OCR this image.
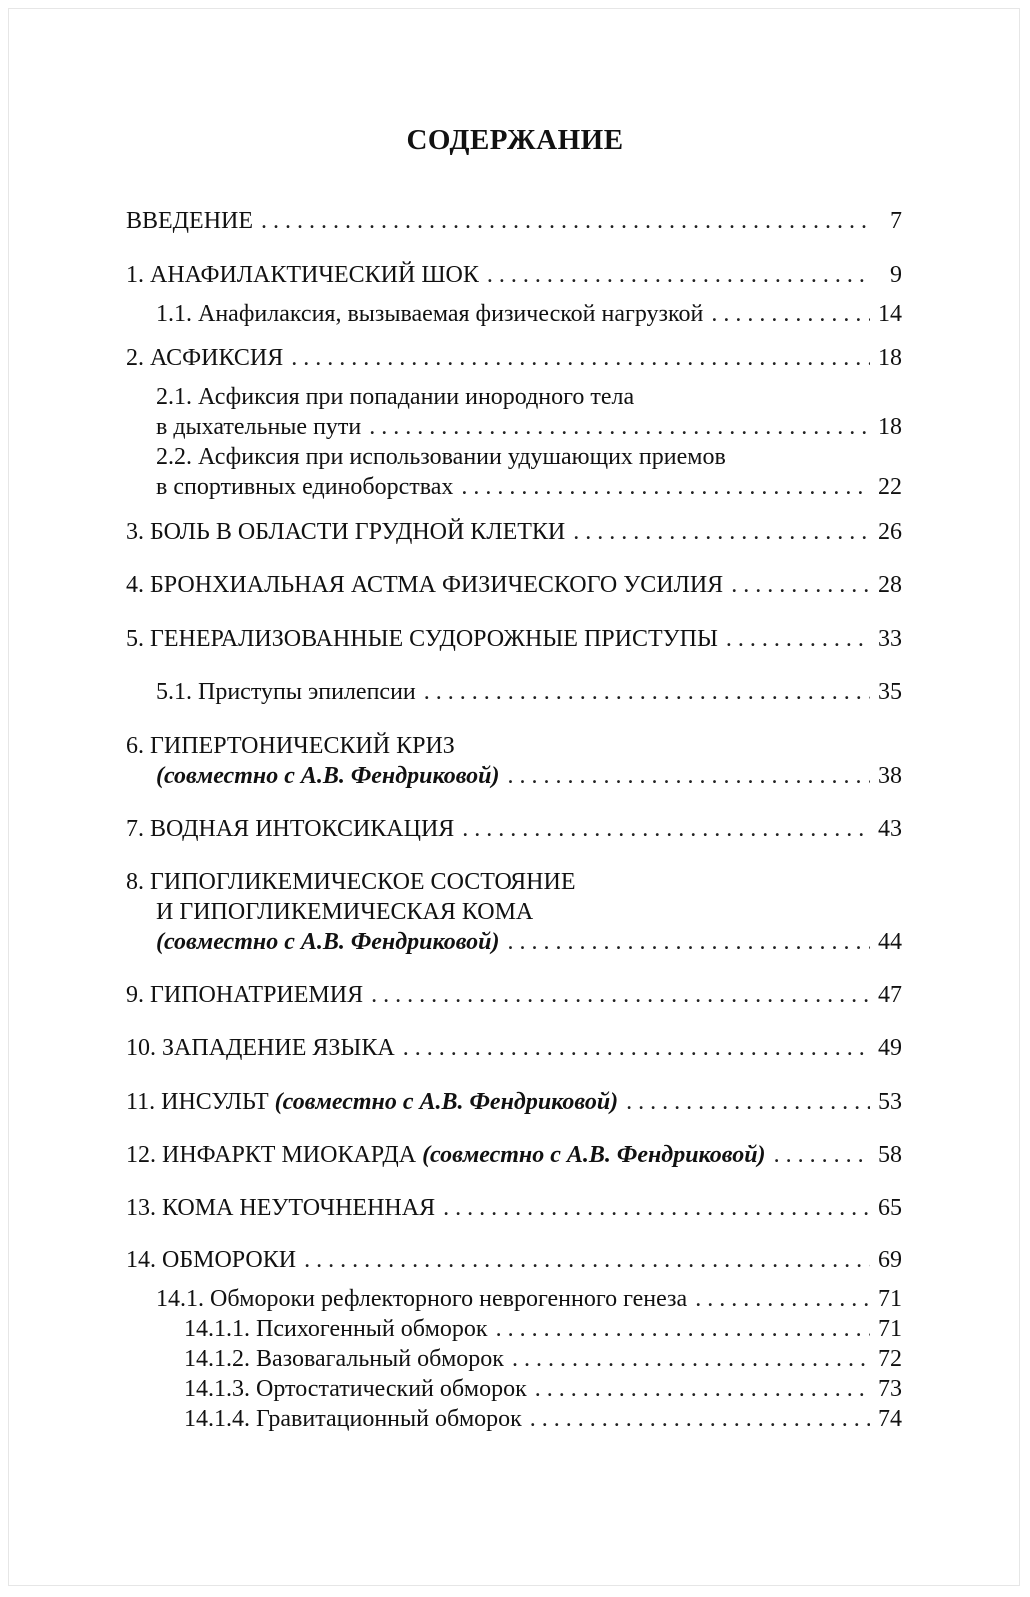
СОДЕРЖАНИЕ
ВВЕДЕНИЕ . . .	7
1. АНАФИЛАКТИЧЕСКИЙ ШОК . . .	9
1.1. Анафилаксия, вызываемая физической нагрузкой . . .	14
2. АСФИКСИЯ . . .	18
2.1. Асфиксия при попадании инородного тела
в дыхательные пути . . .	18
2.2. Асфиксия при использовании удушающих приемов
в спортивных единоборствах . . .	22
3. БОЛЬ В ОБЛАСТИ ГРУДНОЙ КЛЕТКИ . . .	26
4. БРОНХИАЛЬНАЯ АСТМА ФИЗИЧЕСКОГО УСИЛИЯ . . .	28
5. ГЕНЕРАЛИЗОВАННЫЕ СУДОРОЖНЫЕ ПРИСТУПЫ . . .	33
5.1. Приступы эпилепсии . . .	35
6. ГИПЕРТОНИЧЕСКИЙ КРИЗ
(совместно с А.В. Фендриковой) . . .	38
7. ВОДНАЯ ИНТОКСИКАЦИЯ . . .	43
8. ГИПОГЛИКЕМИЧЕСКОЕ СОСТОЯНИЕ
И ГИПОГЛИКЕМИЧЕСКАЯ КОМА
(совместно с А.В. Фендриковой) . . .	44
9. ГИПОНАТРИЕМИЯ . . .	47
10. ЗАПАДЕНИЕ ЯЗЫКА . . .	49
11. ИНСУЛЬТ (совместно с А.В. Фендриковой) . . .	53
12. ИНФАРКТ МИОКАРДА (совместно с А.В. Фендриковой) . . .	58
13. КОМА НЕУТОЧНЕННАЯ . . .	65
14. ОБМОРОКИ . . .	69
14.1. Обмороки рефлекторного неврогенного генеза . . .	71
14.1.1. Психогенный обморок . . .	71
14.1.2. Вазовагальный обморок . . .	72
14.1.3. Ортостатический обморок . . .	73
14.1.4. Гравитационный обморок . . .	74
